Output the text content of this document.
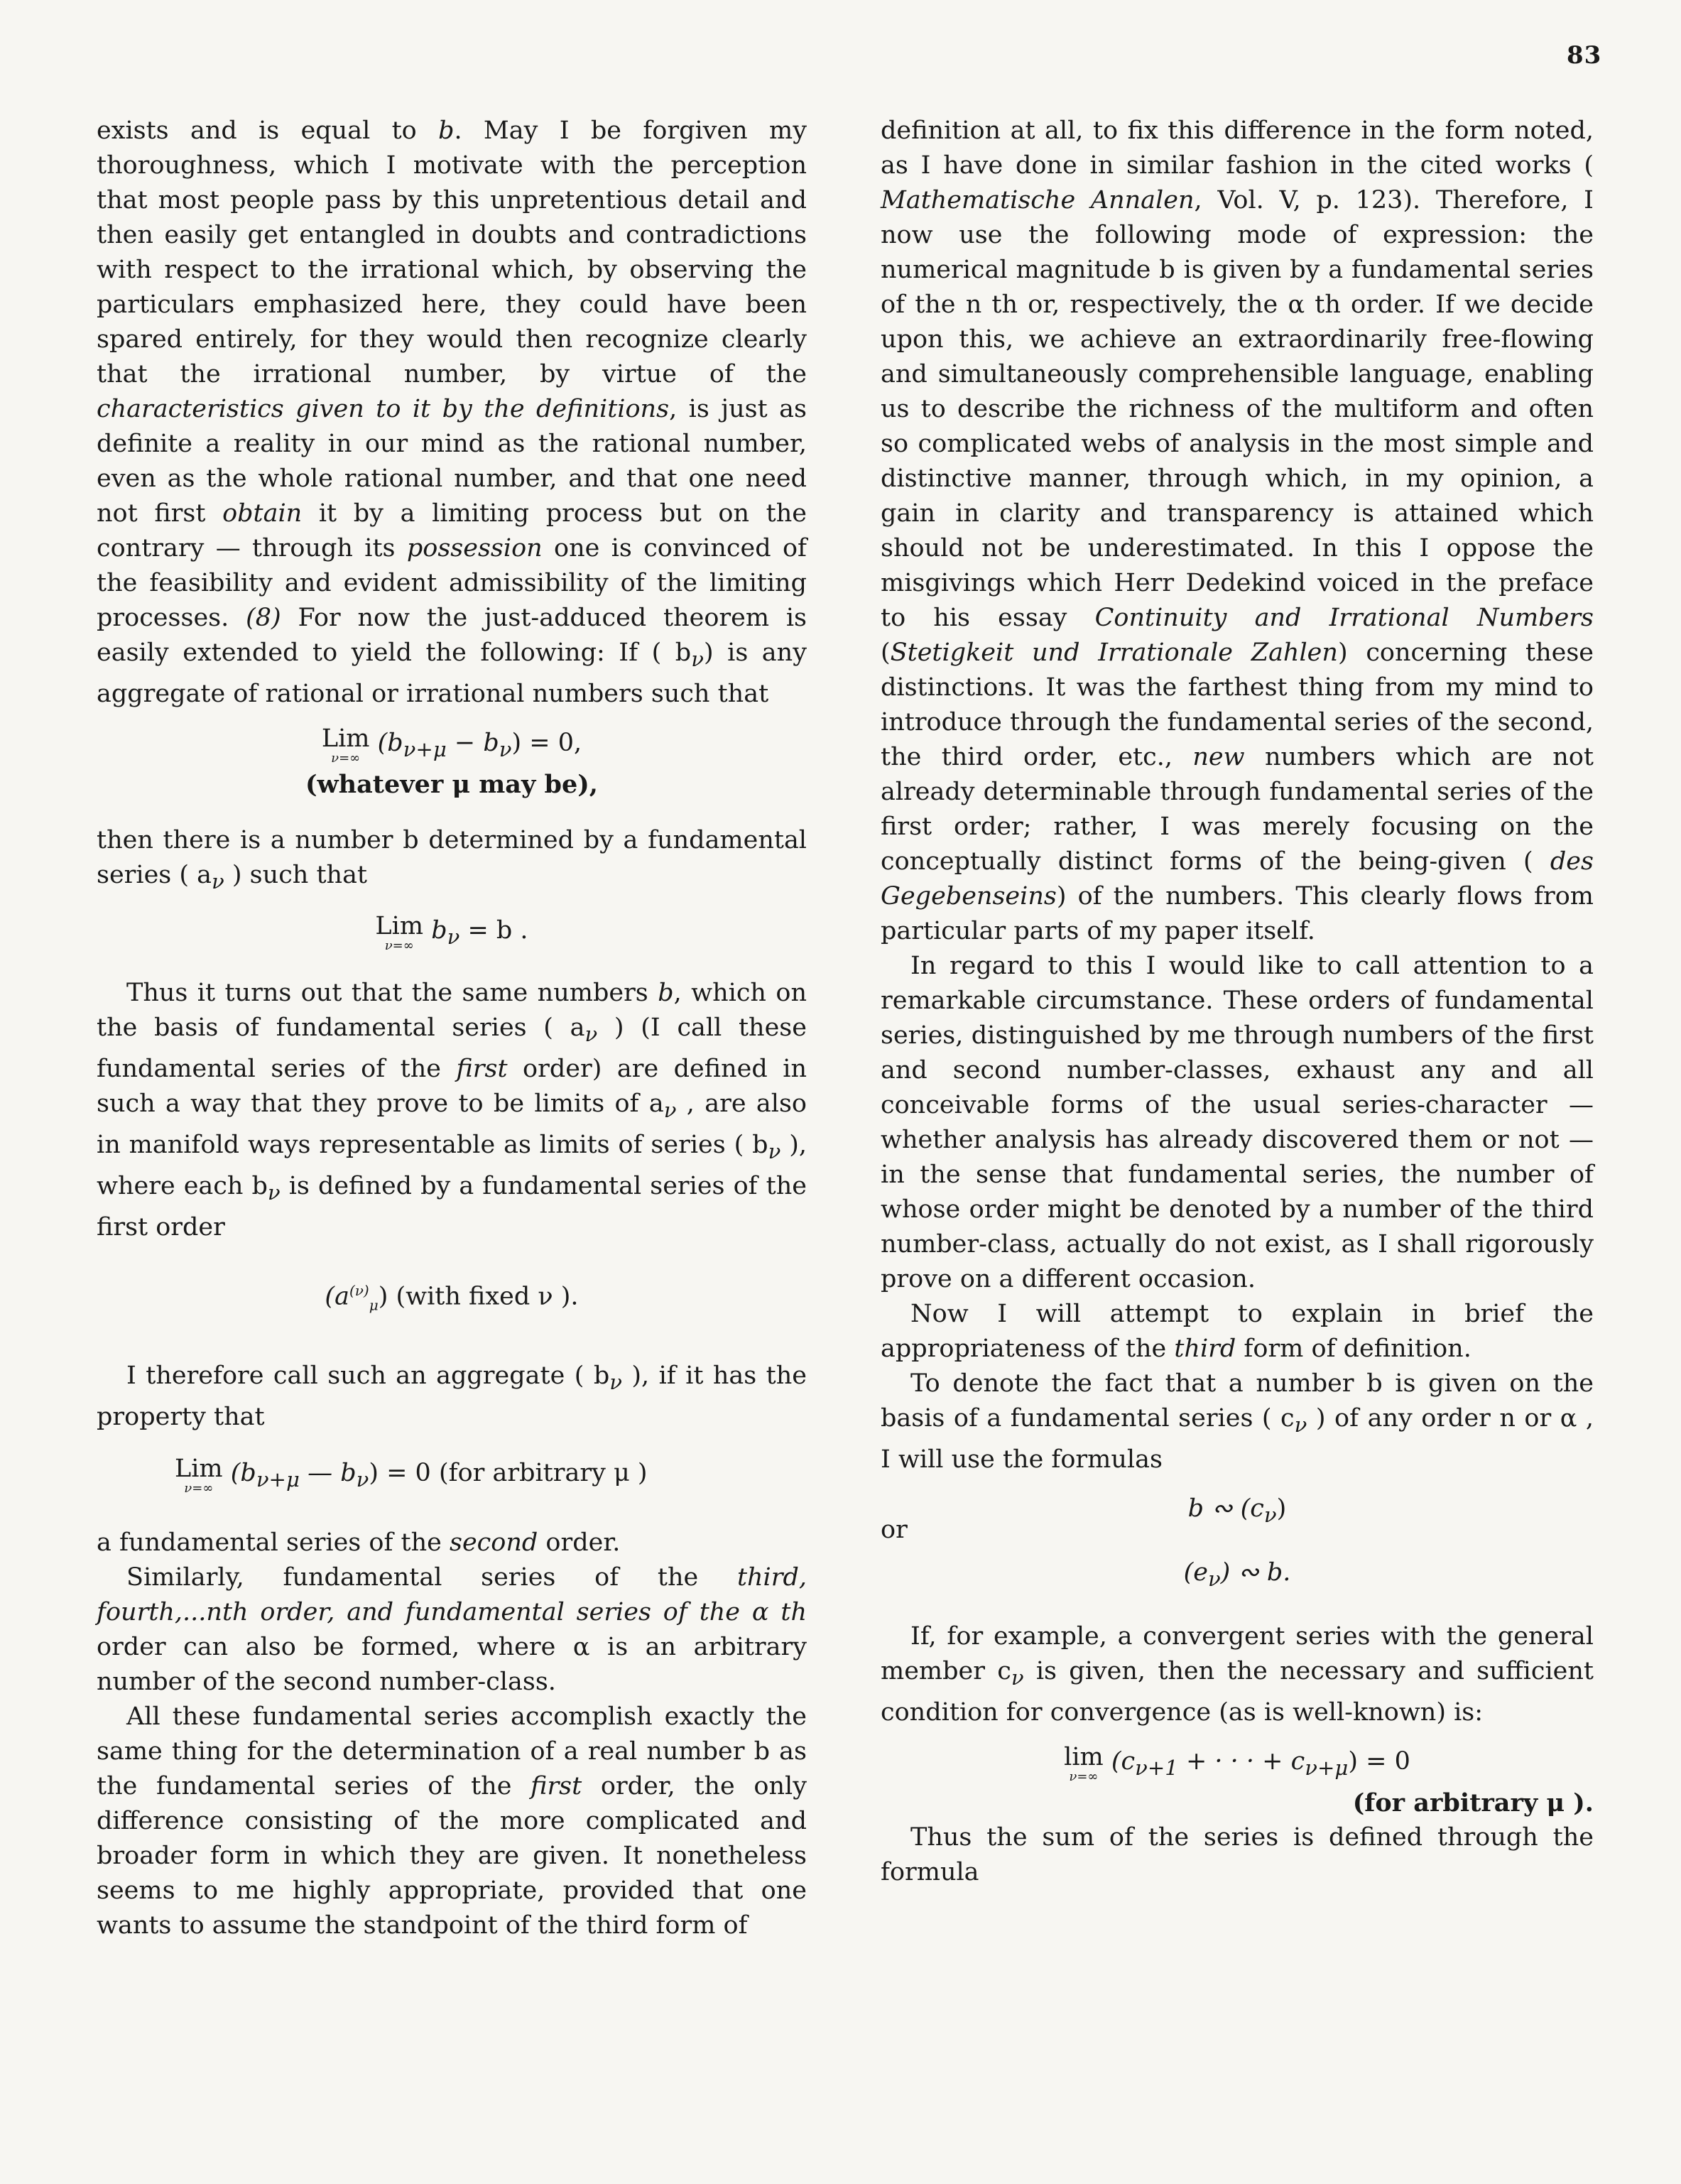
83

exists and is equal to b. May I be forgiven my thoroughness, which I motivate with the perception that most people pass by this unpretentious detail and then easily get entangled in doubts and contradictions with respect to the irrational which, by observing the particulars emphasized here, they could have been spared entirely, for they would then recognize clearly that the irrational number, by virtue of the characteristics given to it by the definitions, is just as definite a reality in our mind as the rational number, even as the whole rational number, and that one need not first obtain it by a limiting process but on the contrary — through its possession one is convinced of the feasibility and evident admissibility of the limiting processes. (8) For now the just-adduced theorem is easily extended to yield the following: If ( $b_\nu$) is any aggregate of rational or irrational numbers such that

Lim
ν=∞
$(b_{\nu+\mu} - b_\nu) = 0$,

(whatever μ may be),

then there is a number b determined by a fundamental series ( $a_\nu$ ) such that

Lim
ν=∞
$b_\nu = b$ .

Thus it turns out that the same numbers b, which on the basis of fundamental series ( $a_\nu$ ) (I call these fundamental series of the first order) are defined in such a way that they prove to be limits of $a_\nu$ , are also in manifold ways representable as limits of series ( $b_\nu$ ), where each $b_\nu$ is defined by a fundamental series of the first order

$(a^{(\nu)}_\mu)$ (with fixed ν ).

I therefore call such an aggregate ( $b_\nu$ ), if it has the property that

Lim
ν=∞
($b_{\nu+\mu}$ — $b_\nu) = 0$ (for arbitrary μ )

a fundamental series of the second order.

Similarly, fundamental series of the third, fourth,...nth order, and fundamental series of the α th order can also be formed, where α is an arbitrary number of the second number-class.

All these fundamental series accomplish exactly the same thing for the determination of a real number b as the fundamental series of the first order, the only difference consisting of the more complicated and broader form in which they are given. It nonetheless seems to me highly appropriate, provided that one wants to assume the standpoint of the third form of

definition at all, to fix this difference in the form noted, as I have done in similar fashion in the cited works ( Mathematische Annalen, Vol. V, p. 123). Therefore, I now use the following mode of expression: the numerical magnitude b is given by a fundamental series of the n th or, respectively, the α th order. If we decide upon this, we achieve an extraordinarily free-flowing and simultaneously comprehensible language, enabling us to describe the richness of the multiform and often so complicated webs of analysis in the most simple and distinctive manner, through which, in my opinion, a gain in clarity and transparency is attained which should not be underestimated. In this I oppose the misgivings which Herr Dedekind voiced in the preface to his essay Continuity and Irrational Numbers (Stetigkeit und Irrationale Zahlen) concerning these distinctions. It was the farthest thing from my mind to introduce through the fundamental series of the second, the third order, etc., new numbers which are not already determinable through fundamental series of the first order; rather, I was merely focusing on the conceptually distinct forms of the being-given ( des Gegebenseins) of the numbers. This clearly flows from particular parts of my paper itself.

In regard to this I would like to call attention to a remarkable circumstance. These orders of fundamental series, distinguished by me through numbers of the first and second number-classes, exhaust any and all conceivable forms of the usual series-character — whether analysis has already discovered them or not — in the sense that fundamental series, the number of whose order might be denoted by a number of the third number-class, actually do not exist, as I shall rigorously prove on a different occasion.

Now I will attempt to explain in brief the appropriateness of the third form of definition.

To denote the fact that a number b is given on the basis of a fundamental series ( $c_\nu$ ) of any order n or α , I will use the formulas

b ∾ $(c_\nu)$
or
$(e_\nu)$ ∾ b.

If, for example, a convergent series with the general member $c_\nu$ is given, then the necessary and sufficient condition for convergence (as is well-known) is:

lim
ν=∞
($c_{\nu+1}$ + · · · + $c_{\nu+\mu}) = 0$

(for arbitrary μ ).

Thus the sum of the series is defined through the formula
